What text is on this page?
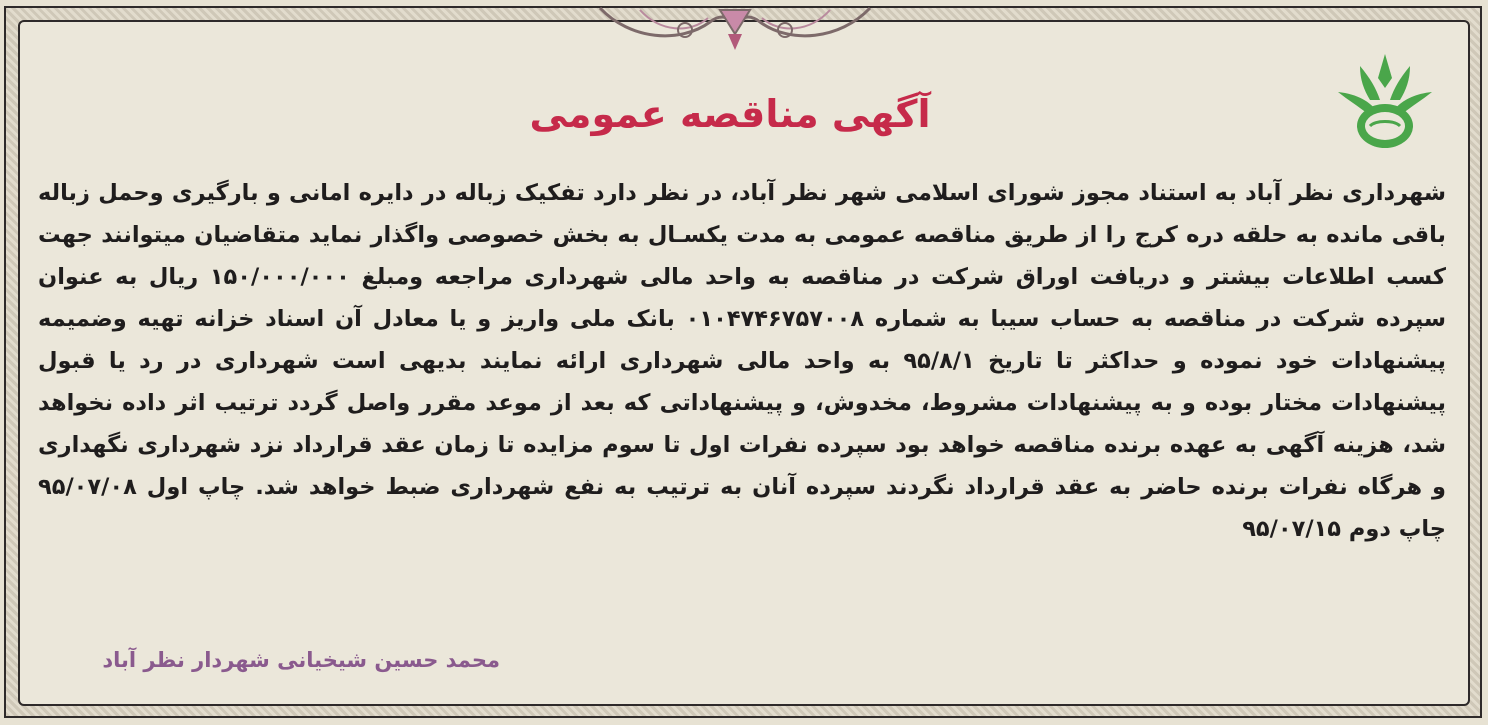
آگهی مناقصه عمومی
شهرداری نظر آباد به استناد مجوز شورای اسلامی شهر نظر آباد، در نظر دارد تفکیک زباله در دایره امانی و بارگیری وحمل زباله باقی مانده به حلقه دره کرج را از طریق مناقصه عمومی به مدت یکسـال به بخش خصوصی واگذار نماید متقاضیان میتوانند جهت کسب اطلاعات بیشتر و دریافت اوراق شرکت در مناقصه به واحد مالی شهرداری مراجعه ومبلغ ۱۵۰/۰۰۰/۰۰۰ ریال به عنوان سپرده شرکت در مناقصه به حساب سیبا به شماره ۰۱۰۴۷۴۶۷۵۷۰۰۸ بانک ملی واریز و یا معادل آن اسناد خزانه تهیه وضمیمه پیشنهادات خود نموده و حداکثر تا تاریخ ۹۵/۸/۱ به واحد مالی شهرداری ارائه نمایند بدیهی است شهرداری در رد یا قبول پیشنهادات مختار بوده و به پیشنهادات مشروط، مخدوش، و پیشنهاداتی که بعد از موعد مقرر واصل گردد ترتیب اثر داده نخواهد شد، هزینه آگهی به عهده برنده مناقصه خواهد بود سپرده نفرات اول تا سوم مزایده تا زمان عقد قرارداد نزد شهرداری نگهداری و هرگاه نفرات برنده حاضر به عقد قرارداد نگردند سپرده آنان به ترتیب به نفع شهرداری ضبط خواهد شد. چاپ اول ۹۵/۰۷/۰۸ چاپ دوم ۹۵/۰۷/۱۵
محمد حسین شیخیانی شهردار نظر آباد
